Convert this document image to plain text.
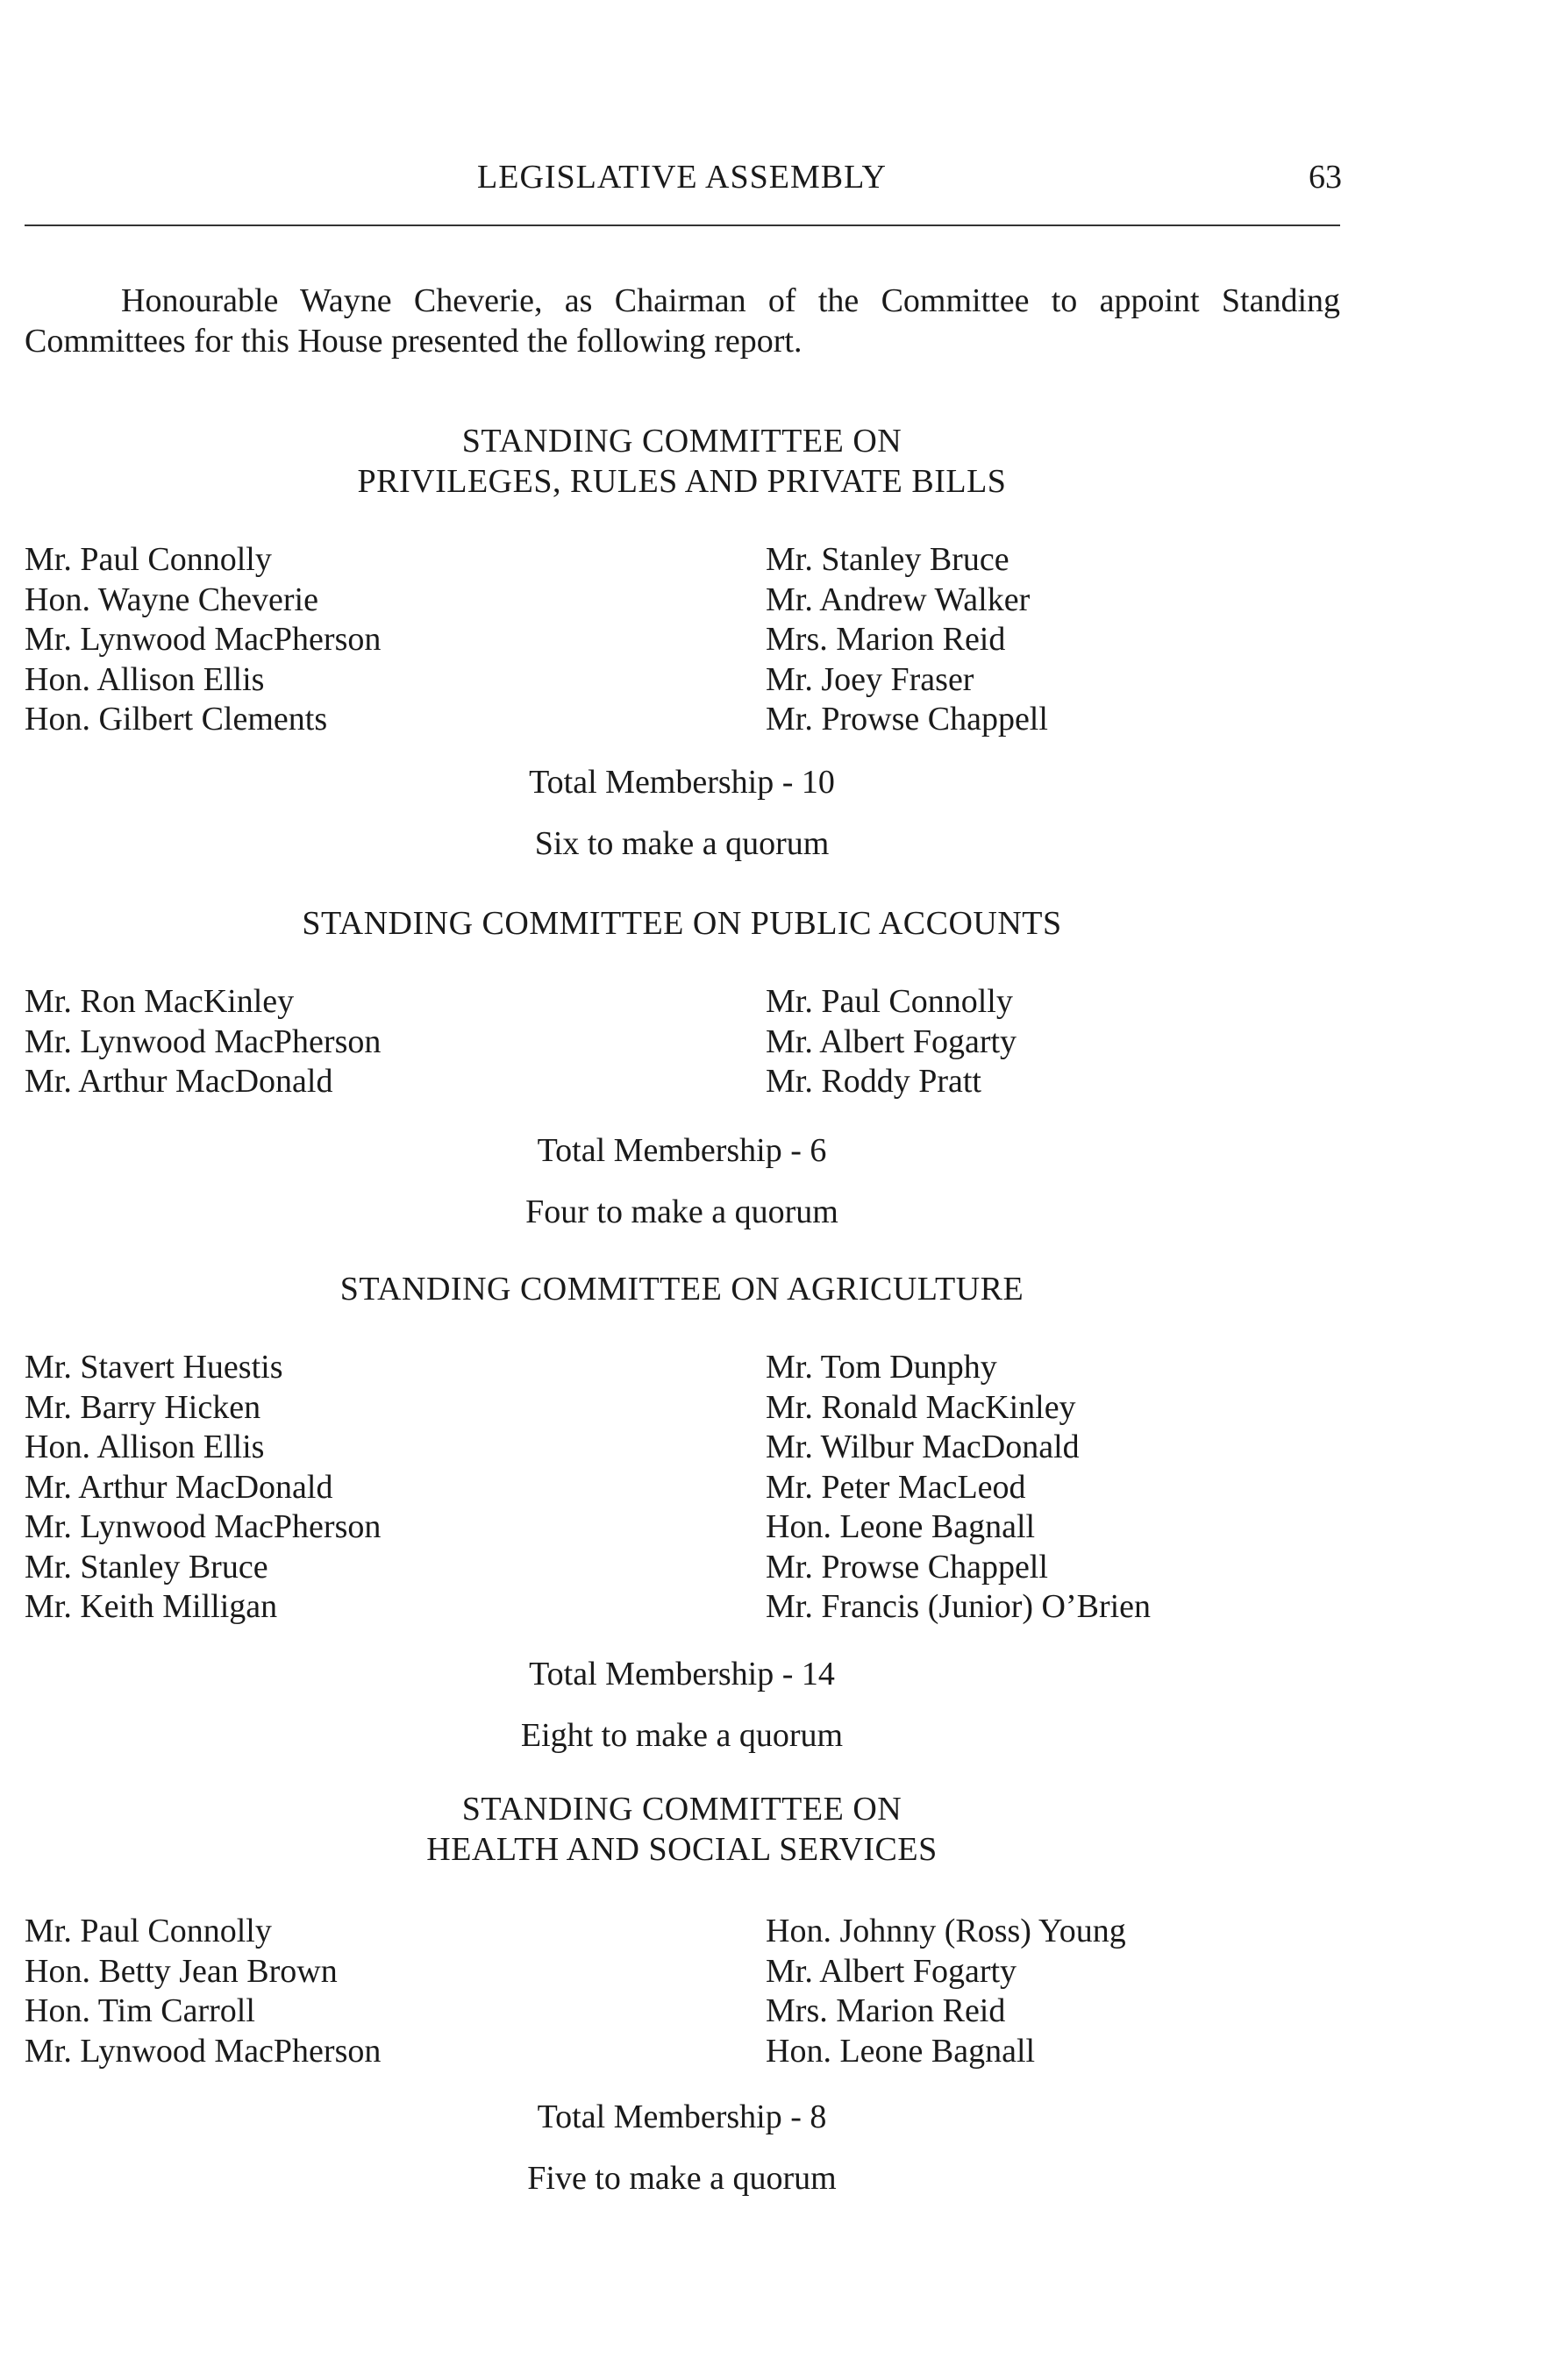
LEGISLATIVE ASSEMBLY	63
Honourable Wayne Cheverie, as Chairman of the Committee to appoint Standing Committees for this House presented the following report.
STANDING COMMITTEE ON
PRIVILEGES, RULES AND PRIVATE BILLS
Mr. Paul Connolly
Hon. Wayne Cheverie
Mr. Lynwood MacPherson
Hon. Allison Ellis
Hon. Gilbert Clements
Mr. Stanley Bruce
Mr. Andrew Walker
Mrs. Marion Reid
Mr. Joey Fraser
Mr. Prowse Chappell
Total Membership - 10
Six to make a quorum
STANDING COMMITTEE ON PUBLIC ACCOUNTS
Mr. Ron MacKinley
Mr. Lynwood MacPherson
Mr. Arthur MacDonald
Mr. Paul Connolly
Mr. Albert Fogarty
Mr. Roddy Pratt
Total Membership - 6
Four to make a quorum
STANDING COMMITTEE ON AGRICULTURE
Mr. Stavert Huestis
Mr. Barry Hicken
Hon. Allison Ellis
Mr. Arthur MacDonald
Mr. Lynwood MacPherson
Mr. Stanley Bruce
Mr. Keith Milligan
Mr. Tom Dunphy
Mr. Ronald MacKinley
Mr. Wilbur MacDonald
Mr. Peter MacLeod
Hon. Leone Bagnall
Mr. Prowse Chappell
Mr. Francis (Junior) O’Brien
Total Membership - 14
Eight to make a quorum
STANDING COMMITTEE ON
HEALTH AND SOCIAL SERVICES
Mr. Paul Connolly
Hon. Betty Jean Brown
Hon. Tim Carroll
Mr. Lynwood MacPherson
Hon. Johnny (Ross) Young
Mr. Albert Fogarty
Mrs. Marion Reid
Hon. Leone Bagnall
Total Membership - 8
Five to make a quorum
